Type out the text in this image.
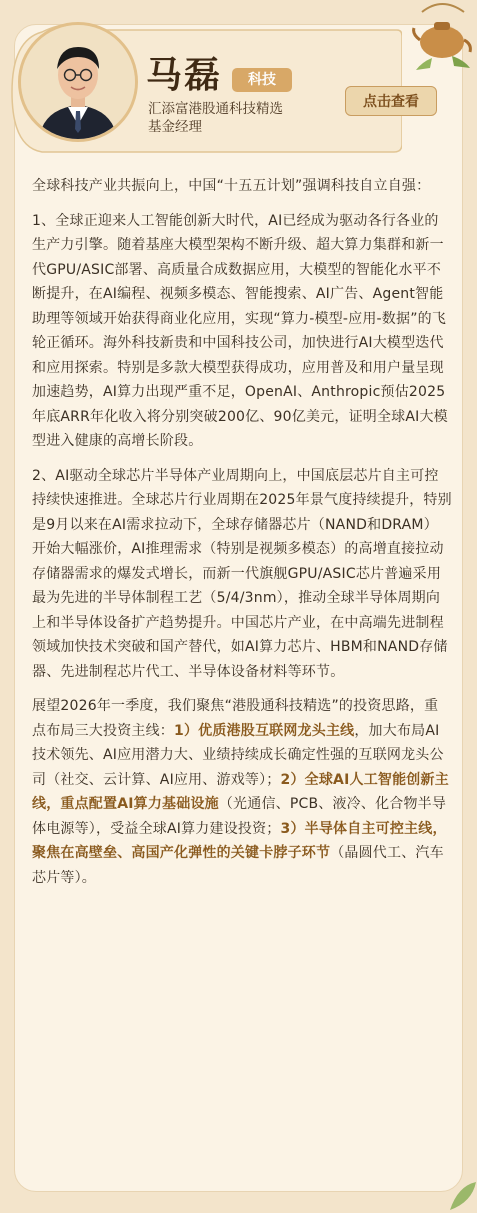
马磊	科技
汇添富港股通科技精选
基金经理
点击查看

全球科技产业共振向上，中国“十五五计划”强调科技自立自强：

1、全球正迎来人工智能创新大时代，AI已经成为驱动各行各业的生产力引擎。随着基座大模型架构不断升级、超大算力集群和新一代GPU/ASIC部署、高质量合成数据应用，大模型的智能化水平不断提升，在AI编程、视频多模态、智能搜索、AI广告、Agent智能助理等领域开始获得商业化应用，实现“算力-模型-应用-数据”的飞轮正循环。海外科技新贵和中国科技公司，加快进行AI大模型迭代和应用探索。特别是多款大模型获得成功，应用普及和用户量呈现加速趋势，AI算力出现严重不足，OpenAI、Anthropic预估2025年底ARR年化收入将分别突破200亿、90亿美元，证明全球AI大模型进入健康的高增长阶段。

2、AI驱动全球芯片半导体产业周期向上，中国底层芯片自主可控持续快速推进。全球芯片行业周期在2025年景气度持续提升，特别是9月以来在AI需求拉动下，全球存储器芯片（NAND和DRAM）开始大幅涨价，AI推理需求（特别是视频多模态）的高增直接拉动存储器需求的爆发式增长，而新一代旗舰GPU/ASIC芯片普遍采用最为先进的半导体制程工艺（5/4/3nm），推动全球半导体周期向上和半导体设备扩产趋势提升。中国芯片产业，在中高端先进制程领域加快技术突破和国产替代，如AI算力芯片、HBM和NAND存储器、先进制程芯片代工、半导体设备材料等环节。

展望2026年一季度，我们聚焦“港股通科技精选”的投资思路，重点布局三大投资主线：1）优质港股互联网龙头主线，加大布局AI技术领先、AI应用潜力大、业绩持续成长确定性强的互联网龙头公司（社交、云计算、AI应用、游戏等）；2）全球AI人工智能创新主线，重点配置AI算力基础设施（光通信、PCB、液冷、化合物半导体电源等），受益全球AI算力建设投资；3）半导体自主可控主线，聚焦在高壁垒、高国产化弹性的关键卡脖子环节（晶圆代工、汽车芯片等）。
